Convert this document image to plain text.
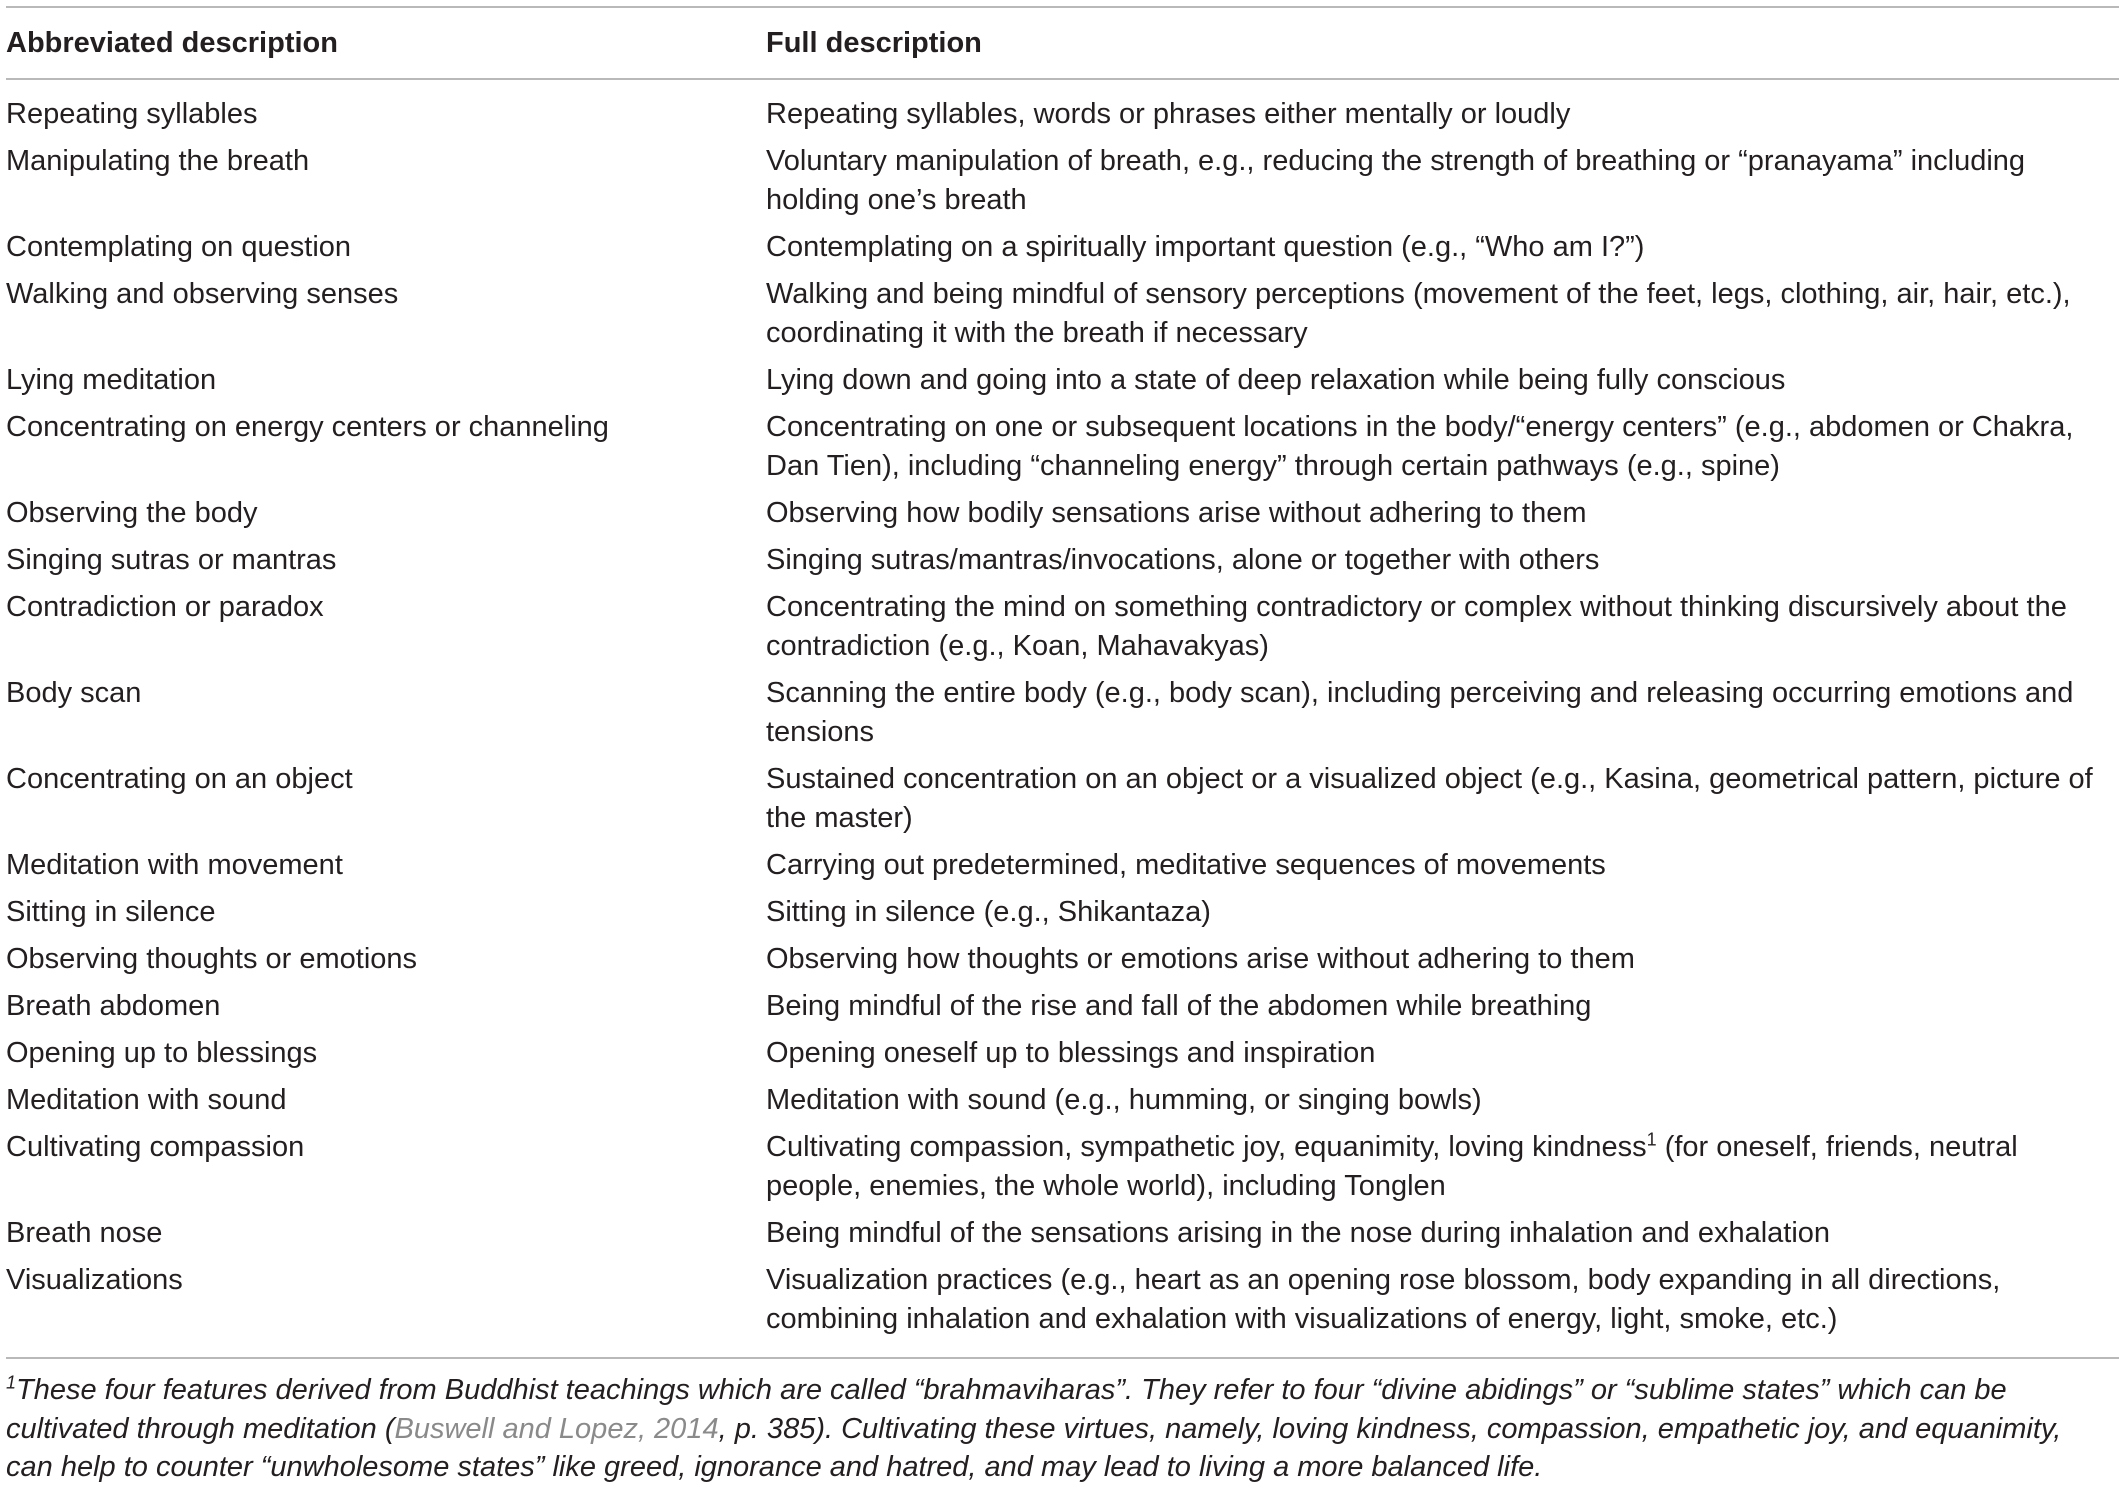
Abbreviated description	Full description
Repeating syllables	Repeating syllables, words or phrases either mentally or loudly
Manipulating the breath	Voluntary manipulation of breath, e.g., reducing the strength of breathing or “pranayama” including holding one’s breath
Contemplating on question	Contemplating on a spiritually important question (e.g., “Who am I?”)
Walking and observing senses	Walking and being mindful of sensory perceptions (movement of the feet, legs, clothing, air, hair, etc.), coordinating it with the breath if necessary
Lying meditation	Lying down and going into a state of deep relaxation while being fully conscious
Concentrating on energy centers or channeling	Concentrating on one or subsequent locations in the body/“energy centers” (e.g., abdomen or Chakra, Dan Tien), including “channeling energy” through certain pathways (e.g., spine)
Observing the body	Observing how bodily sensations arise without adhering to them
Singing sutras or mantras	Singing sutras/mantras/invocations, alone or together with others
Contradiction or paradox	Concentrating the mind on something contradictory or complex without thinking discursively about the contradiction (e.g., Koan, Mahavakyas)
Body scan	Scanning the entire body (e.g., body scan), including perceiving and releasing occurring emotions and tensions
Concentrating on an object	Sustained concentration on an object or a visualized object (e.g., Kasina, geometrical pattern, picture of the master)
Meditation with movement	Carrying out predetermined, meditative sequences of movements
Sitting in silence	Sitting in silence (e.g., Shikantaza)
Observing thoughts or emotions	Observing how thoughts or emotions arise without adhering to them
Breath abdomen	Being mindful of the rise and fall of the abdomen while breathing
Opening up to blessings	Opening oneself up to blessings and inspiration
Meditation with sound	Meditation with sound (e.g., humming, or singing bowls)
Cultivating compassion	Cultivating compassion, sympathetic joy, equanimity, loving kindness$^1$ (for oneself, friends, neutral people, enemies, the whole world), including Tonglen
Breath nose	Being mindful of the sensations arising in the nose during inhalation and exhalation
Visualizations	Visualization practices (e.g., heart as an opening rose blossom, body expanding in all directions, combining inhalation and exhalation with visualizations of energy, light, smoke, etc.)
$^1$These four features derived from Buddhist teachings which are called “brahmaviharas”. They refer to four “divine abidings” or “sublime states” which can be cultivated through meditation (Buswell and Lopez, 2014, p. 385). Cultivating these virtues, namely, loving kindness, compassion, empathetic joy, and equanimity, can help to counter “unwholesome states” like greed, ignorance and hatred, and may lead to living a more balanced life.
